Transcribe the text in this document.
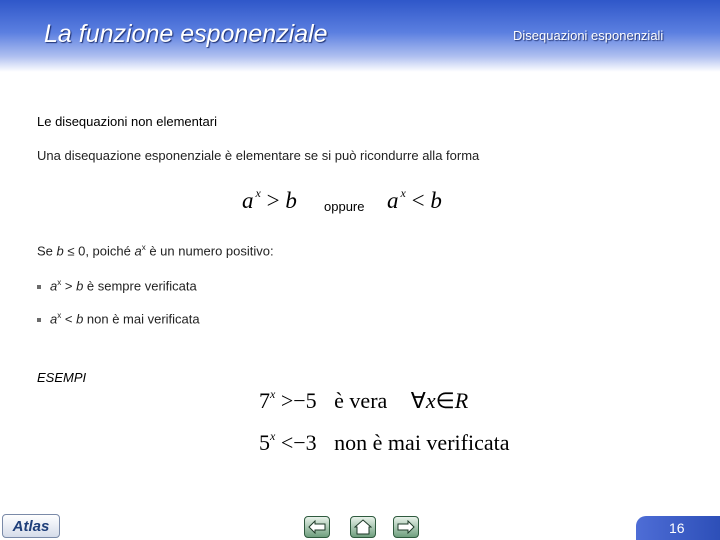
La funzione esponenziale	Disequazioni esponenziali
Le disequazioni non elementari
Una disequazione esponenziale è elementare se si può ricondurre alla forma
a $^x$ > b oppure a $^x$ < b
Se b ≤ 0, poiché $a^x$ è un numero positivo:
$a^x > b$ è sempre verificata
$a^x < b$ non è mai verificata
ESEMPI
$7^x >-5$ è vera ∀x∈R
$5^x <-3$ non è mai verificata
Atlas	16
